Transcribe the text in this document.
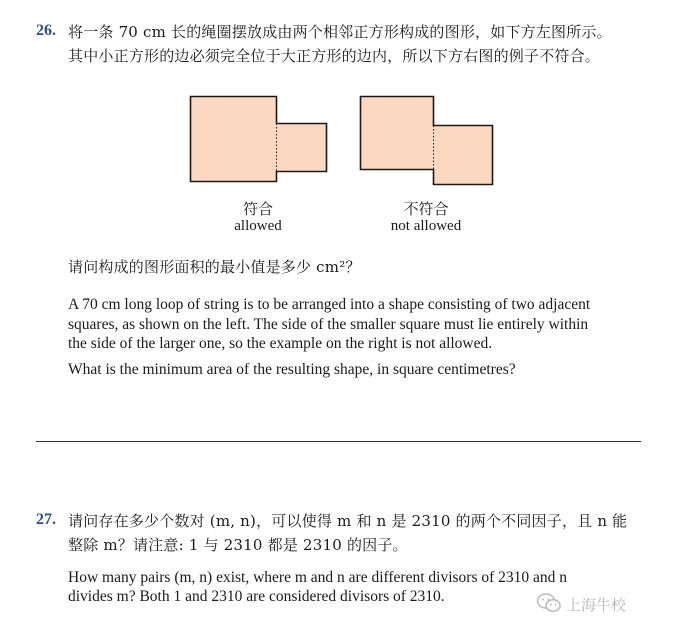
26. 将一条 70 cm 长的绳圈摆放成由两个相邻正方形构成的图形，如下方左图所示。
其中小正方形的边必须完全位于大正方形的边内，所以下方右图的例子不符合。
符合
allowed
不符合
not allowed
请问构成的图形面积的最小值是多少 cm²？
A 70 cm long loop of string is to be arranged into a shape consisting of two adjacent
squares, as shown on the left. The side of the smaller square must lie entirely within
the side of the larger one, so the example on the right is not allowed.
What is the minimum area of the resulting shape, in square centimetres?
27. 请问存在多少个数对 (m, n)，可以使得 m 和 n 是 2310 的两个不同因子，且 n 能
整除 m？请注意: 1 与 2310 都是 2310 的因子。
How many pairs (m, n) exist, where m and n are different divisors of 2310 and n
divides m? Both 1 and 2310 are considered divisors of 2310.	上海牛校
